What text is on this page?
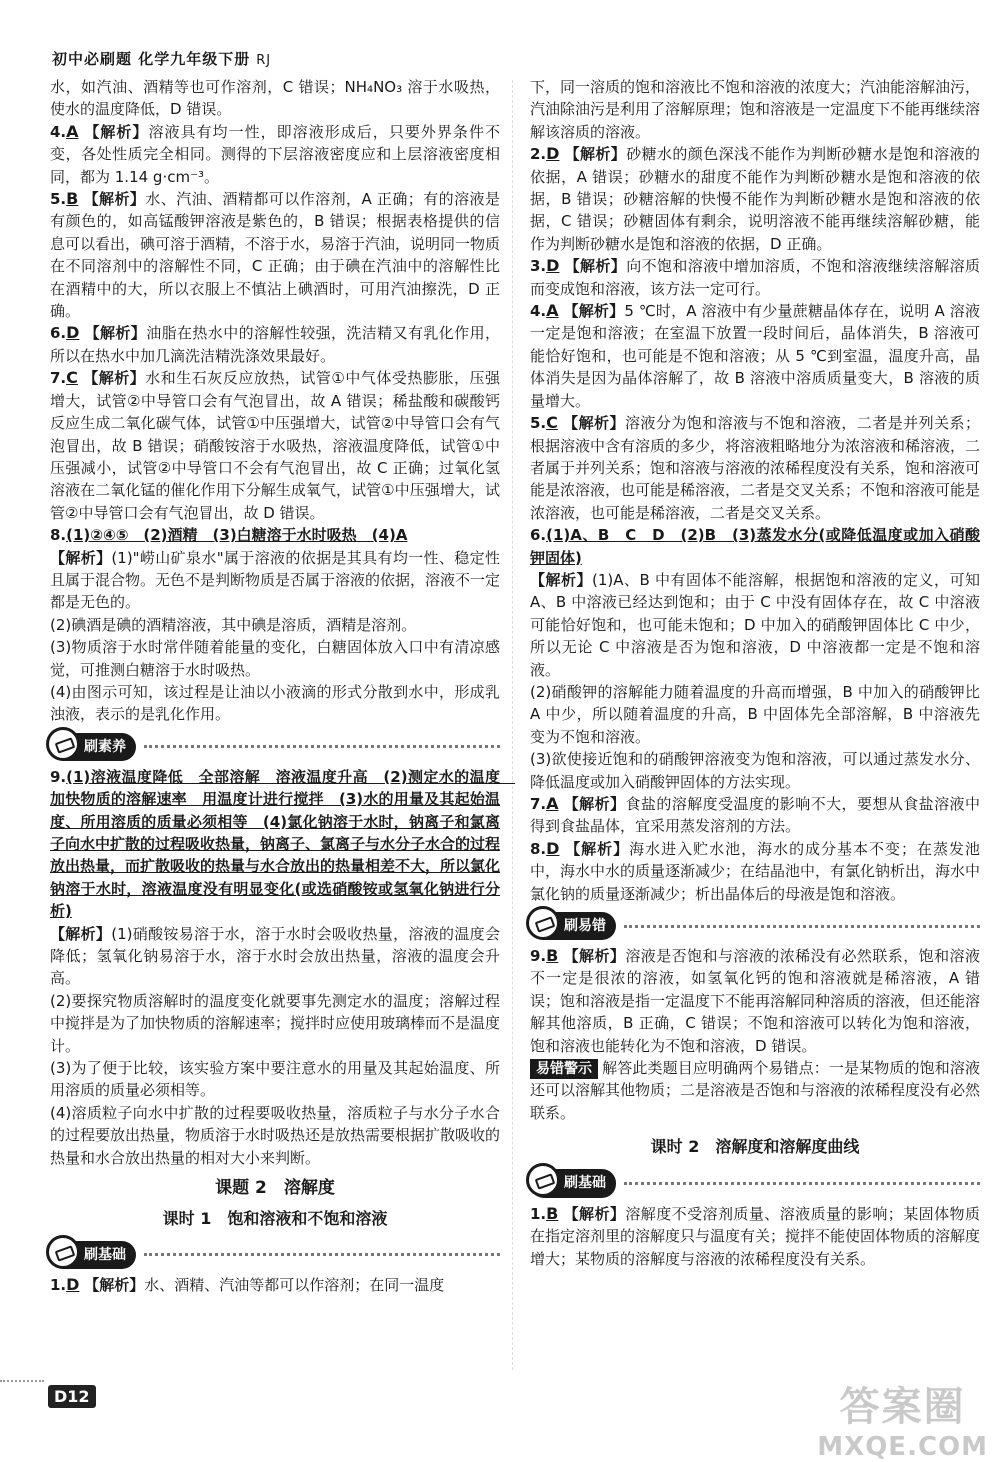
初中必刷题 化学九年级下册 RJ

水，如汽油、酒精等也可作溶剂，C 错误；NH₄NO₃ 溶于水吸热，使水的温度降低，D 错误。

4.A 【解析】溶液具有均一性，即溶液形成后，只要外界条件不变，各处性质完全相同。测得的下层溶液密度应和上层溶液密度相同，都为 1.14 g·cm⁻³。

5.B 【解析】水、汽油、酒精都可以作溶剂，A 正确；有的溶液是有颜色的，如高锰酸钾溶液是紫色的，B 错误；根据表格提供的信息可以看出，碘可溶于酒精，不溶于水，易溶于汽油，说明同一物质在不同溶剂中的溶解性不同，C 正确；由于碘在汽油中的溶解性比在酒精中的大，所以衣服上不慎沾上碘酒时，可用汽油擦洗，D 正确。

6.D 【解析】油脂在热水中的溶解性较强，洗洁精又有乳化作用，所以在热水中加几滴洗洁精洗涤效果最好。

7.C 【解析】水和生石灰反应放热，试管①中气体受热膨胀，压强增大，试管②中导管口会有气泡冒出，故 A 错误；稀盐酸和碳酸钙反应生成二氧化碳气体，试管①中压强增大，试管②中导管口会有气泡冒出，故 B 错误；硝酸铵溶于水吸热，溶液温度降低，试管①中压强减小，试管②中导管口不会有气泡冒出，故 C 正确；过氧化氢溶液在二氧化锰的催化作用下分解生成氧气，试管①中压强增大，试管②中导管口会有气泡冒出，故 D 错误。

8.(1)②④⑤　(2)酒精　(3)白糖溶于水时吸热　(4)A

【解析】(1)"崂山矿泉水"属于溶液的依据是其具有均一性、稳定性且属于混合物。无色不是判断物质是否属于溶液的依据，溶液不一定都是无色的。

(2)碘酒是碘的酒精溶液，其中碘是溶质，酒精是溶剂。

(3)物质溶于水时常伴随着能量的变化，白糖固体放入口中有清凉感觉，可推测白糖溶于水时吸热。

(4)由图示可知，该过程是让油以小液滴的形式分散到水中，形成乳浊液，表示的是乳化作用。

刷素养

9.(1)溶液温度降低　全部溶解　溶液温度升高　(2)测定水的温度　加快物质的溶解速率　用温度计进行搅拌　(3)水的用量及其起始温度、所用溶质的质量必须相等　(4)氯化钠溶于水时，钠离子和氯离子向水中扩散的过程吸收热量，钠离子、氯离子与水分子水合的过程放出热量，而扩散吸收的热量与水合放出的热量相差不大，所以氯化钠溶于水时，溶液温度没有明显变化(或选硝酸铵或氢氧化钠进行分析)

【解析】(1)硝酸铵易溶于水，溶于水时会吸收热量，溶液的温度会降低；氢氧化钠易溶于水，溶于水时会放出热量，溶液的温度会升高。

(2)要探究物质溶解时的温度变化就要事先测定水的温度；溶解过程中搅拌是为了加快物质的溶解速率；搅拌时应使用玻璃棒而不是温度计。

(3)为了便于比较，该实验方案中要注意水的用量及其起始温度、所用溶质的质量必须相等。

(4)溶质粒子向水中扩散的过程要吸收热量，溶质粒子与水分子水合的过程要放出热量，物质溶于水时吸热还是放热需要根据扩散吸收的热量和水合放出热量的相对大小来判断。

课题 2　溶解度
课时 1　饱和溶液和不饱和溶液
刷基础

1.D 【解析】水、酒精、汽油等都可以作溶剂；在同一温度

下，同一溶质的饱和溶液比不饱和溶液的浓度大；汽油能溶解油污，汽油除油污是利用了溶解原理；饱和溶液是一定温度下不能再继续溶解该溶质的溶液。

2.D 【解析】砂糖水的颜色深浅不能作为判断砂糖水是饱和溶液的依据，A 错误；砂糖水的甜度不能作为判断砂糖水是饱和溶液的依据，B 错误；砂糖溶解的快慢不能作为判断砂糖水是饱和溶液的依据，C 错误；砂糖固体有剩余，说明溶液不能再继续溶解砂糖，能作为判断砂糖水是饱和溶液的依据，D 正确。

3.D 【解析】向不饱和溶液中增加溶质，不饱和溶液继续溶解溶质而变成饱和溶液，该方法一定可行。

4.A 【解析】5 ℃时，A 溶液中有少量蔗糖晶体存在，说明 A 溶液一定是饱和溶液；在室温下放置一段时间后，晶体消失，B 溶液可能恰好饱和，也可能是不饱和溶液；从 5 ℃到室温，温度升高，晶体消失是因为晶体溶解了，故 B 溶液中溶质质量变大，B 溶液的质量增大。

5.C 【解析】溶液分为饱和溶液与不饱和溶液，二者是并列关系；根据溶液中含有溶质的多少，将溶液粗略地分为浓溶液和稀溶液，二者属于并列关系；饱和溶液与溶液的浓稀程度没有关系，饱和溶液可能是浓溶液，也可能是稀溶液，二者是交叉关系；不饱和溶液可能是浓溶液，也可能是稀溶液，二者是交叉关系。

6.(1)A、B　C　D　(2)B　(3)蒸发水分(或降低温度或加入硝酸钾固体)

【解析】(1)A、B 中有固体不能溶解，根据饱和溶液的定义，可知 A、B 中溶液已经达到饱和；由于 C 中没有固体存在，故 C 中溶液可能恰好饱和，也可能未饱和；D 中加入的硝酸钾固体比 C 中少，所以无论 C 中溶液是否为饱和溶液，D 中溶液都一定是不饱和溶液。

(2)硝酸钾的溶解能力随着温度的升高而增强，B 中加入的硝酸钾比 A 中少，所以随着温度的升高，B 中固体先全部溶解，B 中溶液先变为不饱和溶液。

(3)欲使接近饱和的硝酸钾溶液变为饱和溶液，可以通过蒸发水分、降低温度或加入硝酸钾固体的方法实现。

7.A 【解析】食盐的溶解度受温度的影响不大，要想从食盐溶液中得到食盐晶体，宜采用蒸发溶剂的方法。

8.D 【解析】海水进入贮水池，海水的成分基本不变；在蒸发池中，海水中水的质量逐渐减少；在结晶池中，有氯化钠析出，海水中氯化钠的质量逐渐减少；析出晶体后的母液是饱和溶液。

刷易错

9.B 【解析】溶液是否饱和与溶液的浓稀没有必然联系，饱和溶液不一定是很浓的溶液，如氢氧化钙的饱和溶液就是稀溶液，A 错误；饱和溶液是指一定温度下不能再溶解同种溶质的溶液，但还能溶解其他溶质，B 正确，C 错误；不饱和溶液可以转化为饱和溶液，饱和溶液也能转化为不饱和溶液，D 错误。

易错警示 解答此类题目应明确两个易错点：一是某物质的饱和溶液还可以溶解其他物质；二是溶液是否饱和与溶液的浓稀程度没有必然联系。

课时 2　溶解度和溶解度曲线
刷基础

1.B 【解析】溶解度不受溶剂质量、溶液质量的影响；某固体物质在指定溶剂里的溶解度只与温度有关；搅拌不能使固体物质的溶解度增大；某物质的溶解度与溶液的浓稀程度没有关系。

D12	答案圈
MXQE.COM
